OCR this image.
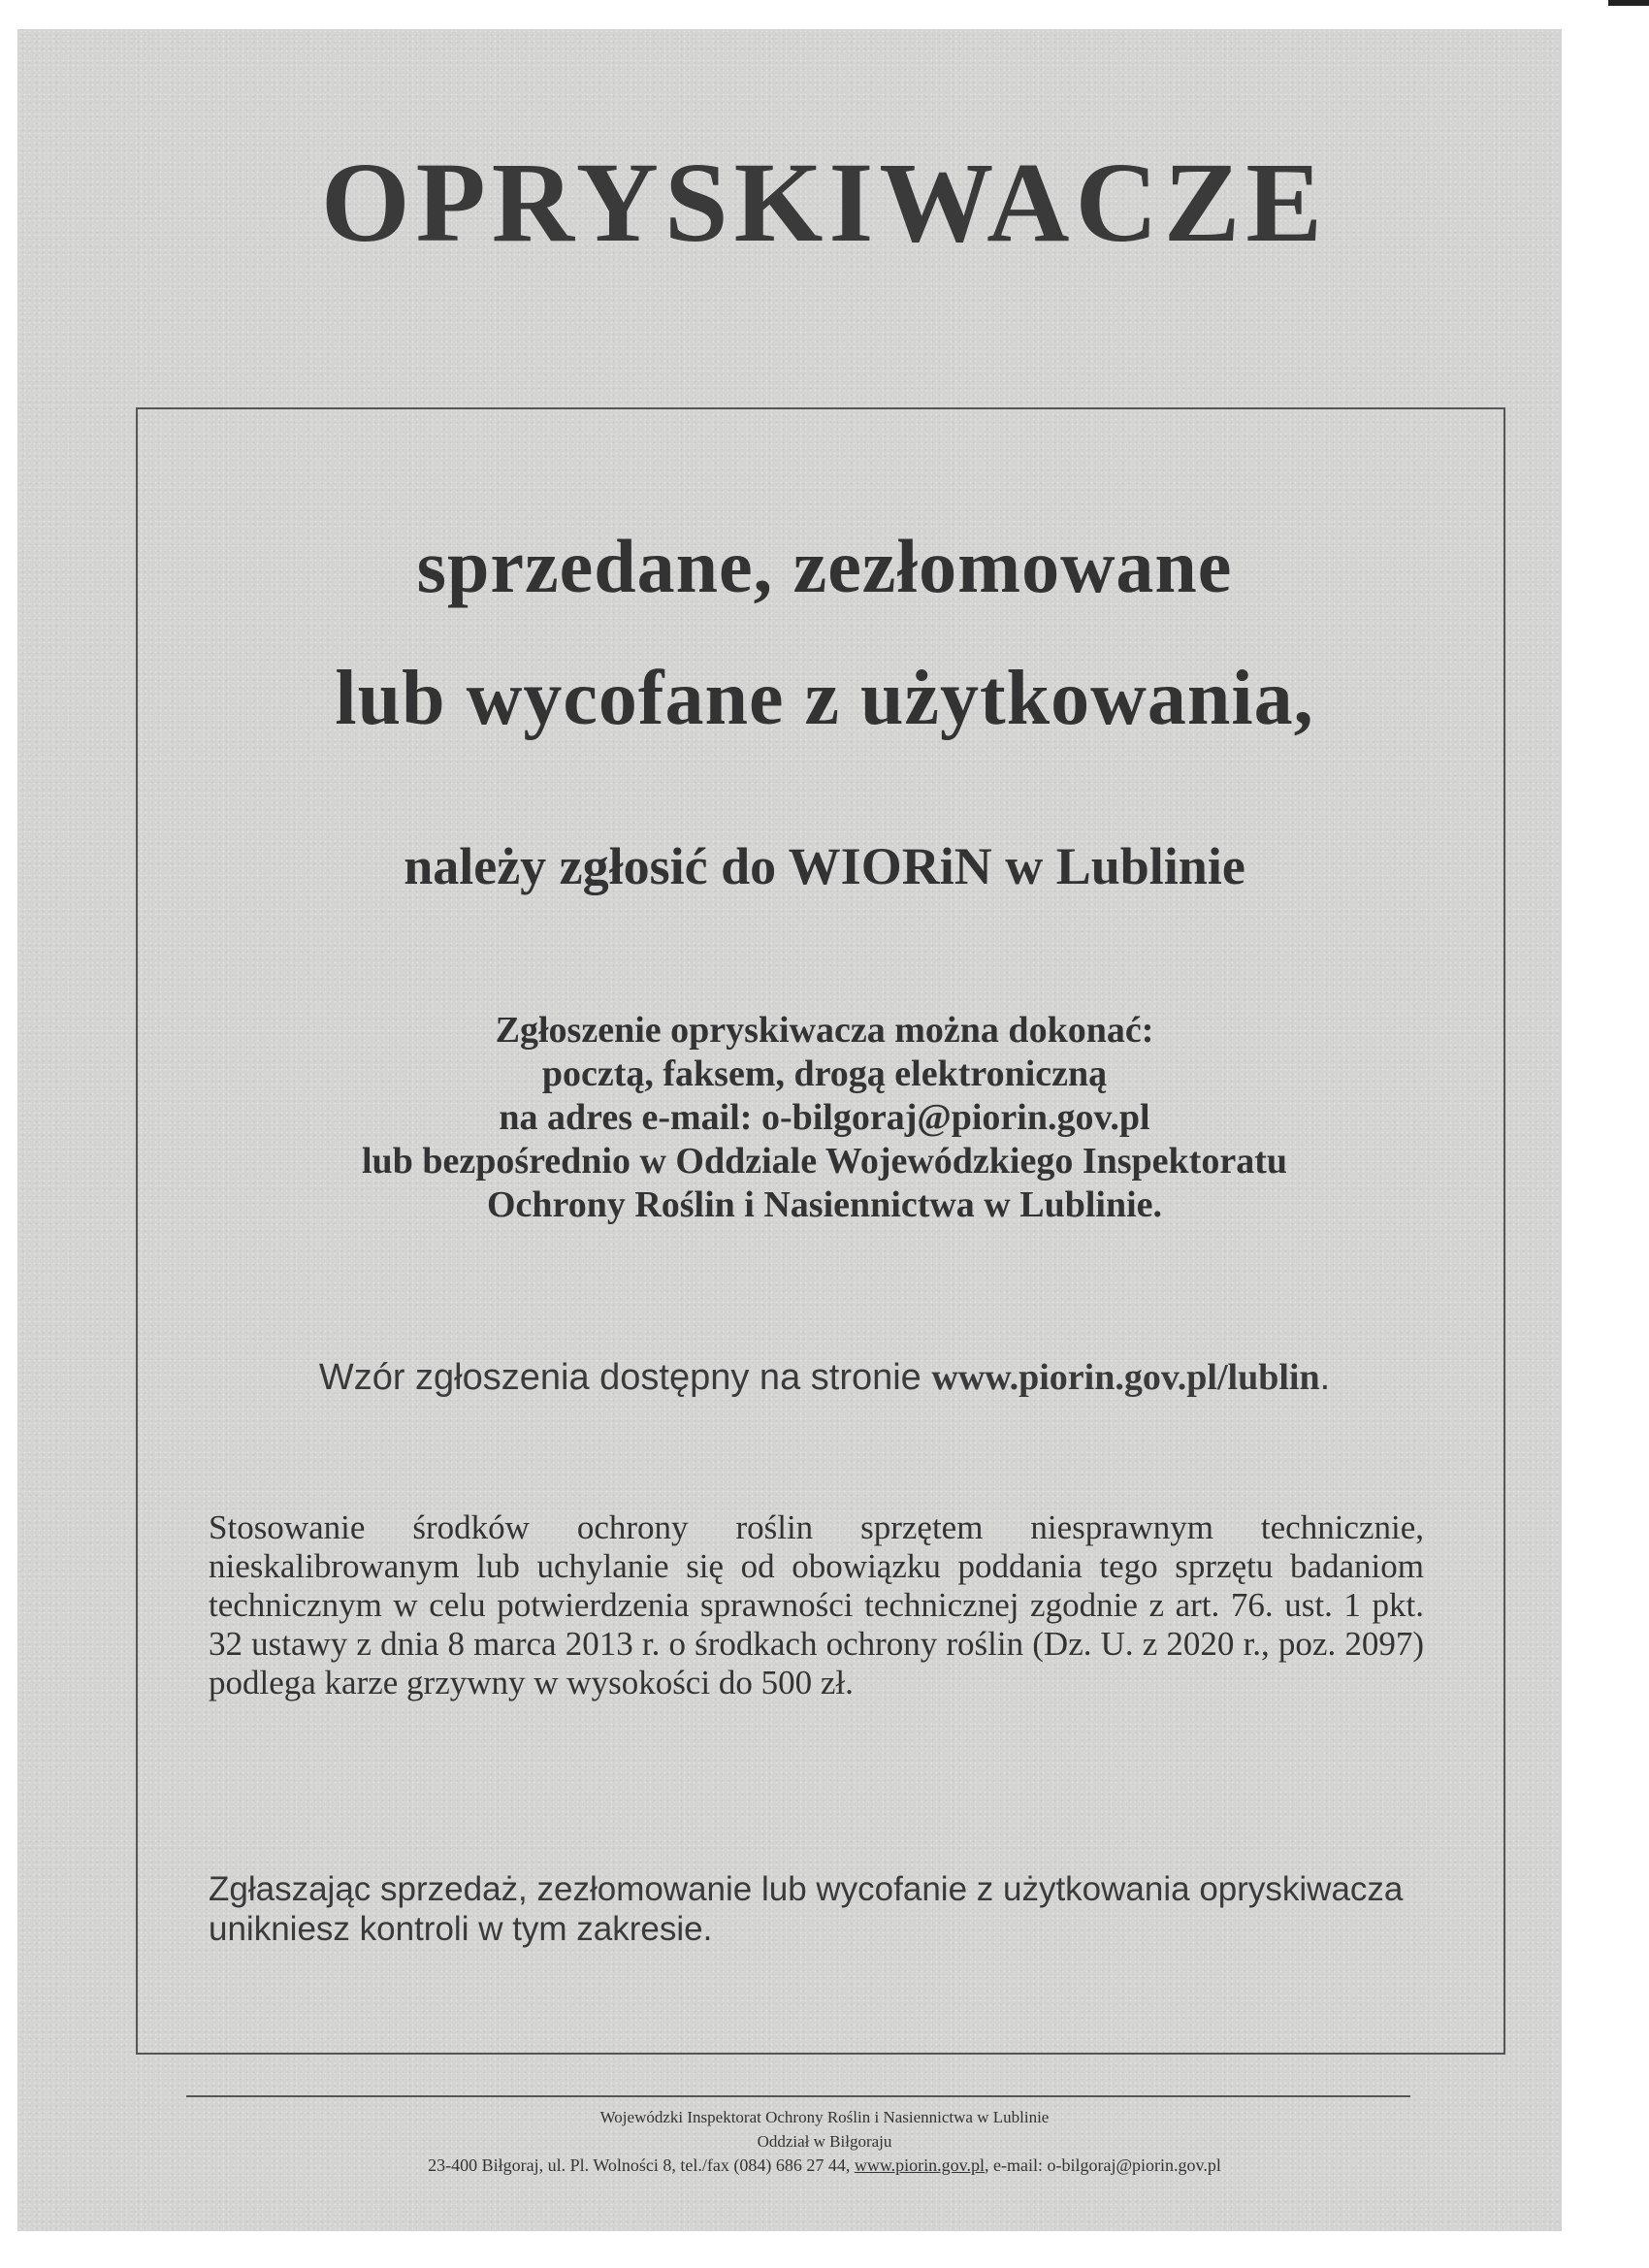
OPRYSKIWACZE
sprzedane, zezłomowane
lub wycofane z użytkowania,
należy zgłosić do WIORiN w Lublinie
Zgłoszenie opryskiwacza można dokonać:
pocztą, faksem, drogą elektroniczną
na adres e-mail: o-bilgoraj@piorin.gov.pl
lub bezpośrednio w Oddziale Wojewódzkiego Inspektoratu
Ochrony Roślin i Nasiennictwa w Lublinie.
Wzór zgłoszenia dostępny na stronie www.piorin.gov.pl/lublin.
Stosowanie środków ochrony roślin sprzętem niesprawnym technicznie, nieskalibrowanym lub uchylanie się od obowiązku poddania tego sprzętu badaniom technicznym w celu potwierdzenia sprawności technicznej zgodnie z art. 76. ust. 1 pkt. 32 ustawy z dnia 8 marca 2013 r. o środkach ochrony roślin (Dz. U. z 2020 r., poz. 2097) podlega karze grzywny w wysokości do 500 zł.
Zgłaszając sprzedaż, zezłomowanie lub wycofanie z użytkowania opryskiwacza unikniesz kontroli w tym zakresie.
Wojewódzki Inspektorat Ochrony Roślin i Nasiennictwa w Lublinie
Oddział w Biłgoraju
23-400 Biłgoraj, ul. Pl. Wolności 8, tel./fax (084) 686 27 44, www.piorin.gov.pl, e-mail: o-bilgoraj@piorin.gov.pl
